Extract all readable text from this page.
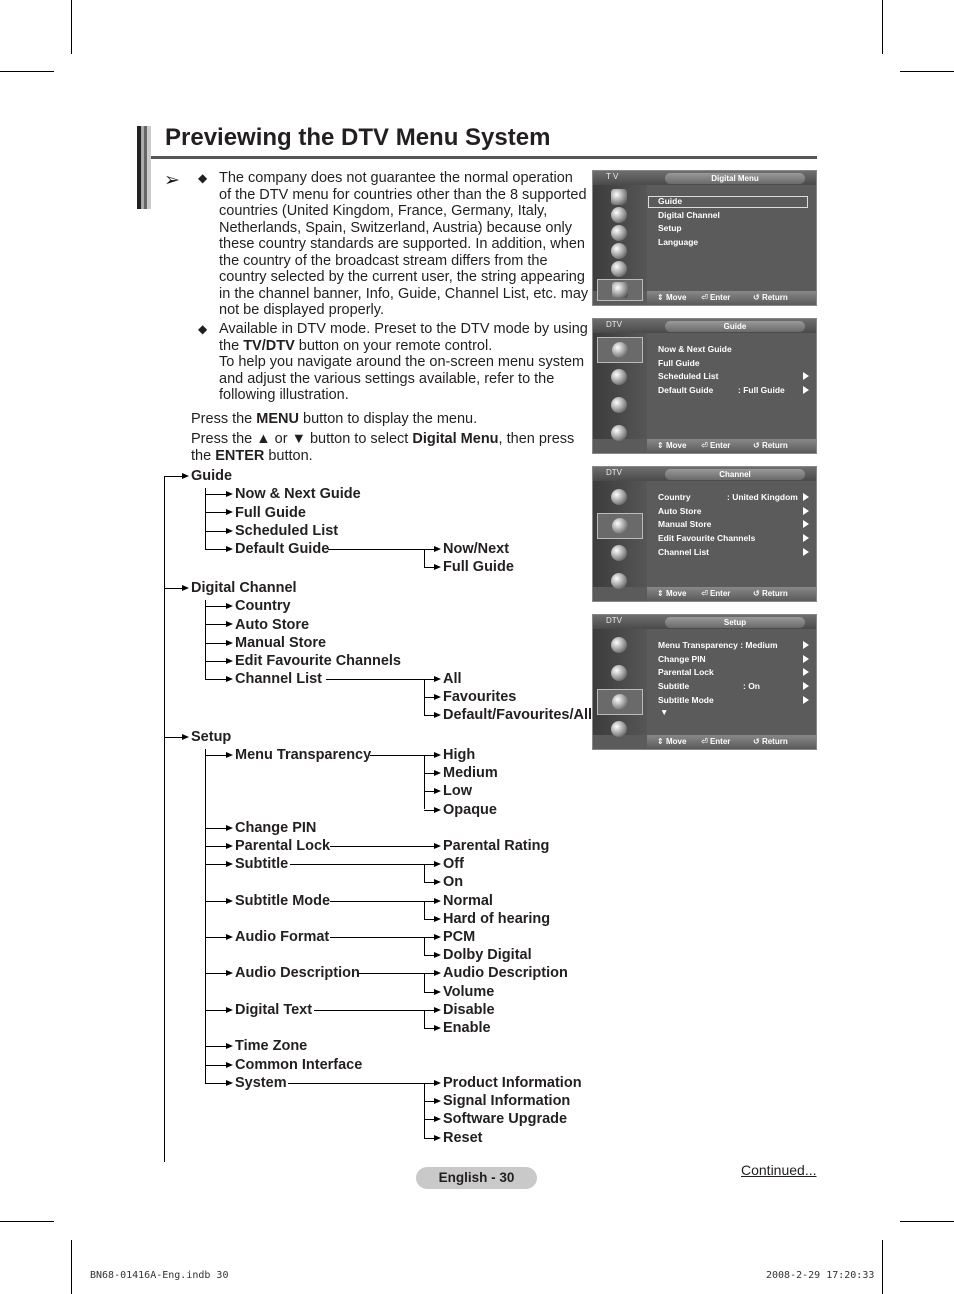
Previewing the DTV Menu System
➢ ◆ The company does not guarantee the normal operation
of the DTV menu for countries other than the 8 supported
countries (United Kingdom, France, Germany, Italy,
Netherlands, Spain, Switzerland, Austria) because only
these country standards are supported. In addition, when
the country of the broadcast stream differs from the
country selected by the current user, the string appearing
in the channel banner, Info, Guide, Channel List, etc. may
not be displayed properly.
◆ Available in DTV mode. Preset to the DTV mode by using
the TV/DTV button on your remote control.
To help you navigate around the on-screen menu system
and adjust the various settings available, refer to the
following illustration.
Press the MENU button to display the menu.
Press the ▲ or ▼ button to select Digital Menu, then press
the ENTER button.
Guide
Digital Channel
Setup
Now & Next Guide
Full Guide
Scheduled List
Default Guide
Country
Auto Store
Manual Store
Edit Favourite Channels
Channel List
Menu Transparency
Change PIN
Parental Lock
Subtitle
Subtitle Mode
Audio Format
Audio Description
Digital Text
Time Zone
Common Interface
System
Now/Next
Full Guide
All
Favourites
Default/Favourites/All
High
Medium
Low
Opaque
Parental Rating
Off
On
Normal
Hard of hearing
PCM
Dolby Digital
Audio Description
Volume
Disable
Enable
Product Information
Signal Information
Software Upgrade
Reset
T V	Digital Menu
Guide
Digital Channel
Setup
Language
⇕ Move ⏎ Enter	↺ Return
DTV	Guide
Now & Next Guide
Full Guide
Scheduled List
Default Guide	: Full Guide
⇕ Move ⏎ Enter	↺ Return
DTV	Channel
Country	: United Kingdom
Auto Store
Manual Store
Edit Favourite Channels
Channel List
⇕ Move ⏎ Enter	↺ Return
DTV	Setup
Menu Transparency : Medium
Change PIN
Parental Lock
Subtitle	: On
Subtitle Mode
▼
⇕ Move ⏎ Enter	↺ Return
English - 30	Continued...
BN68-01416A-Eng.indb 30	2008-2-29 17:20:33
